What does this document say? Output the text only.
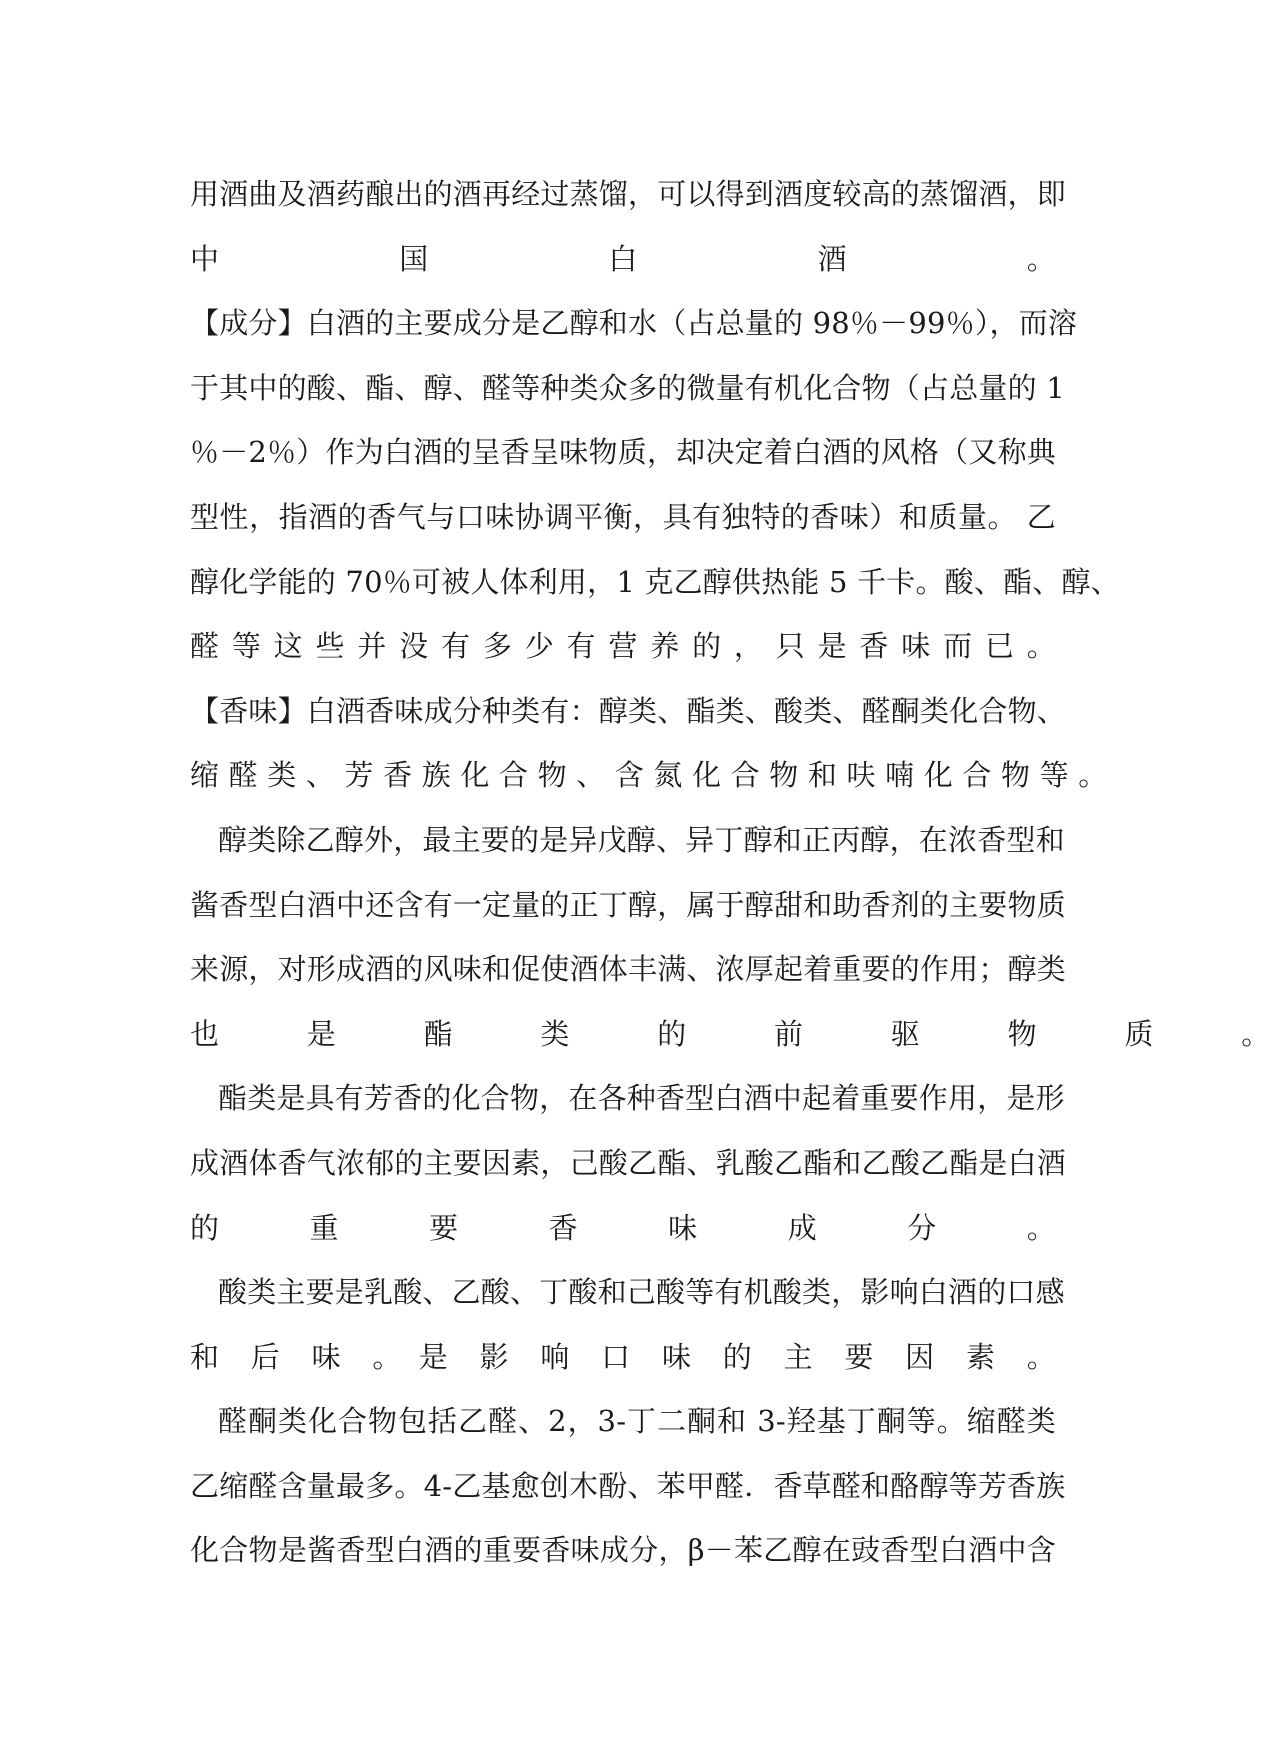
用酒曲及酒药酿出的酒再经过蒸馏，可以得到酒度较高的蒸馏酒，即
中　　　　　国　　　　　白　　　　　酒　　　　　。
【成分】白酒的主要成分是乙醇和水（占总量的 98％－99％），而溶
于其中的酸、酯、醇、醛等种类众多的微量有机化合物（占总量的 1
％－2％）作为白酒的呈香呈味物质，却决定着白酒的风格（又称典
型性，指酒的香气与口味协调平衡，具有独特的香味）和质量。 乙
醇化学能的 70％可被人体利用，1 克乙醇供热能 5 千卡。酸、酯、醇、
醛 等 这 些 并 没 有 多 少 有 营 养 的 ， 只 是 香 味 而 已 。
【香味】白酒香味成分种类有：醇类、酯类、酸类、醛酮类化合物、
缩 醛 类 、 芳 香 族 化 合 物 、 含 氮 化 合 物 和 呋 喃 化 合 物 等 。
醇类除乙醇外，最主要的是异戊醇、异丁醇和正丙醇，在浓香型和
酱香型白酒中还含有一定量的正丁醇，属于醇甜和助香剂的主要物质
来源，对形成酒的风味和促使酒体丰满、浓厚起着重要的作用；醇类
也　　　是　　　酯　　　类　　　的　　　前　　　驱　　　物　　　质　　　。
酯类是具有芳香的化合物，在各种香型白酒中起着重要作用，是形
成酒体香气浓郁的主要因素，己酸乙酯、乳酸乙酯和乙酸乙酯是白酒
的　　　重　　　要　　　香　　　味　　　成　　　分　　　。
酸类主要是乳酸、乙酸、丁酸和己酸等有机酸类，影响白酒的口感
和　后　味　。　是　影　响　口　味　的　主　要　因　素　。
醛酮类化合物包括乙醛、2，3-丁二酮和 3-羟基丁酮等。缩醛类
乙缩醛含量最多。4-乙基愈创木酚、苯甲醛．香草醛和酪醇等芳香族
化合物是酱香型白酒的重要香味成分，β－苯乙醇在豉香型白酒中含
